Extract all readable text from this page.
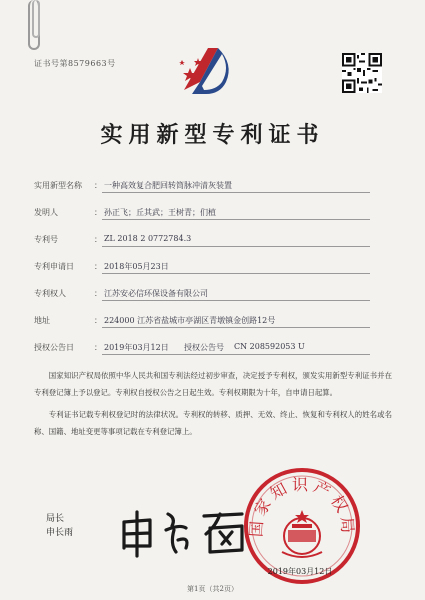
证书号第8579663号
实用新型专利证书
实用新型名称 ： 一种高效复合肥回转筒脉冲清灰装置
发明人	： 孙正飞；丘其武；王树青；们植
专利号	： ZL 2018 2 0772784.3
专利申请日	： 2018年05月23日
专利权人	： 江苏安必信环保设备有限公司
地址	： 224000 江苏省盐城市亭湖区青墩镇金创路12号
授权公告日	： 2019年03月12日 授权公告号 CN 208592053 U

国家知识产权局依照中华人民共和国专利法经过初步审查，决定授予专利权，颁发实用新型专利证书并在专利登记簿上予以登记。专利权自授权公告之日起生效。专利权期限为十年，自申请日起算。

专利证书记载专利权登记时的法律状况。专利权的转移、质押、无效、终止、恢复和专利权人的姓名或名称、国籍、地址变更等事项记载在专利登记簿上。

局长
申长雨	国家知识产权局
2019年03月12日
第1页（共2页）
